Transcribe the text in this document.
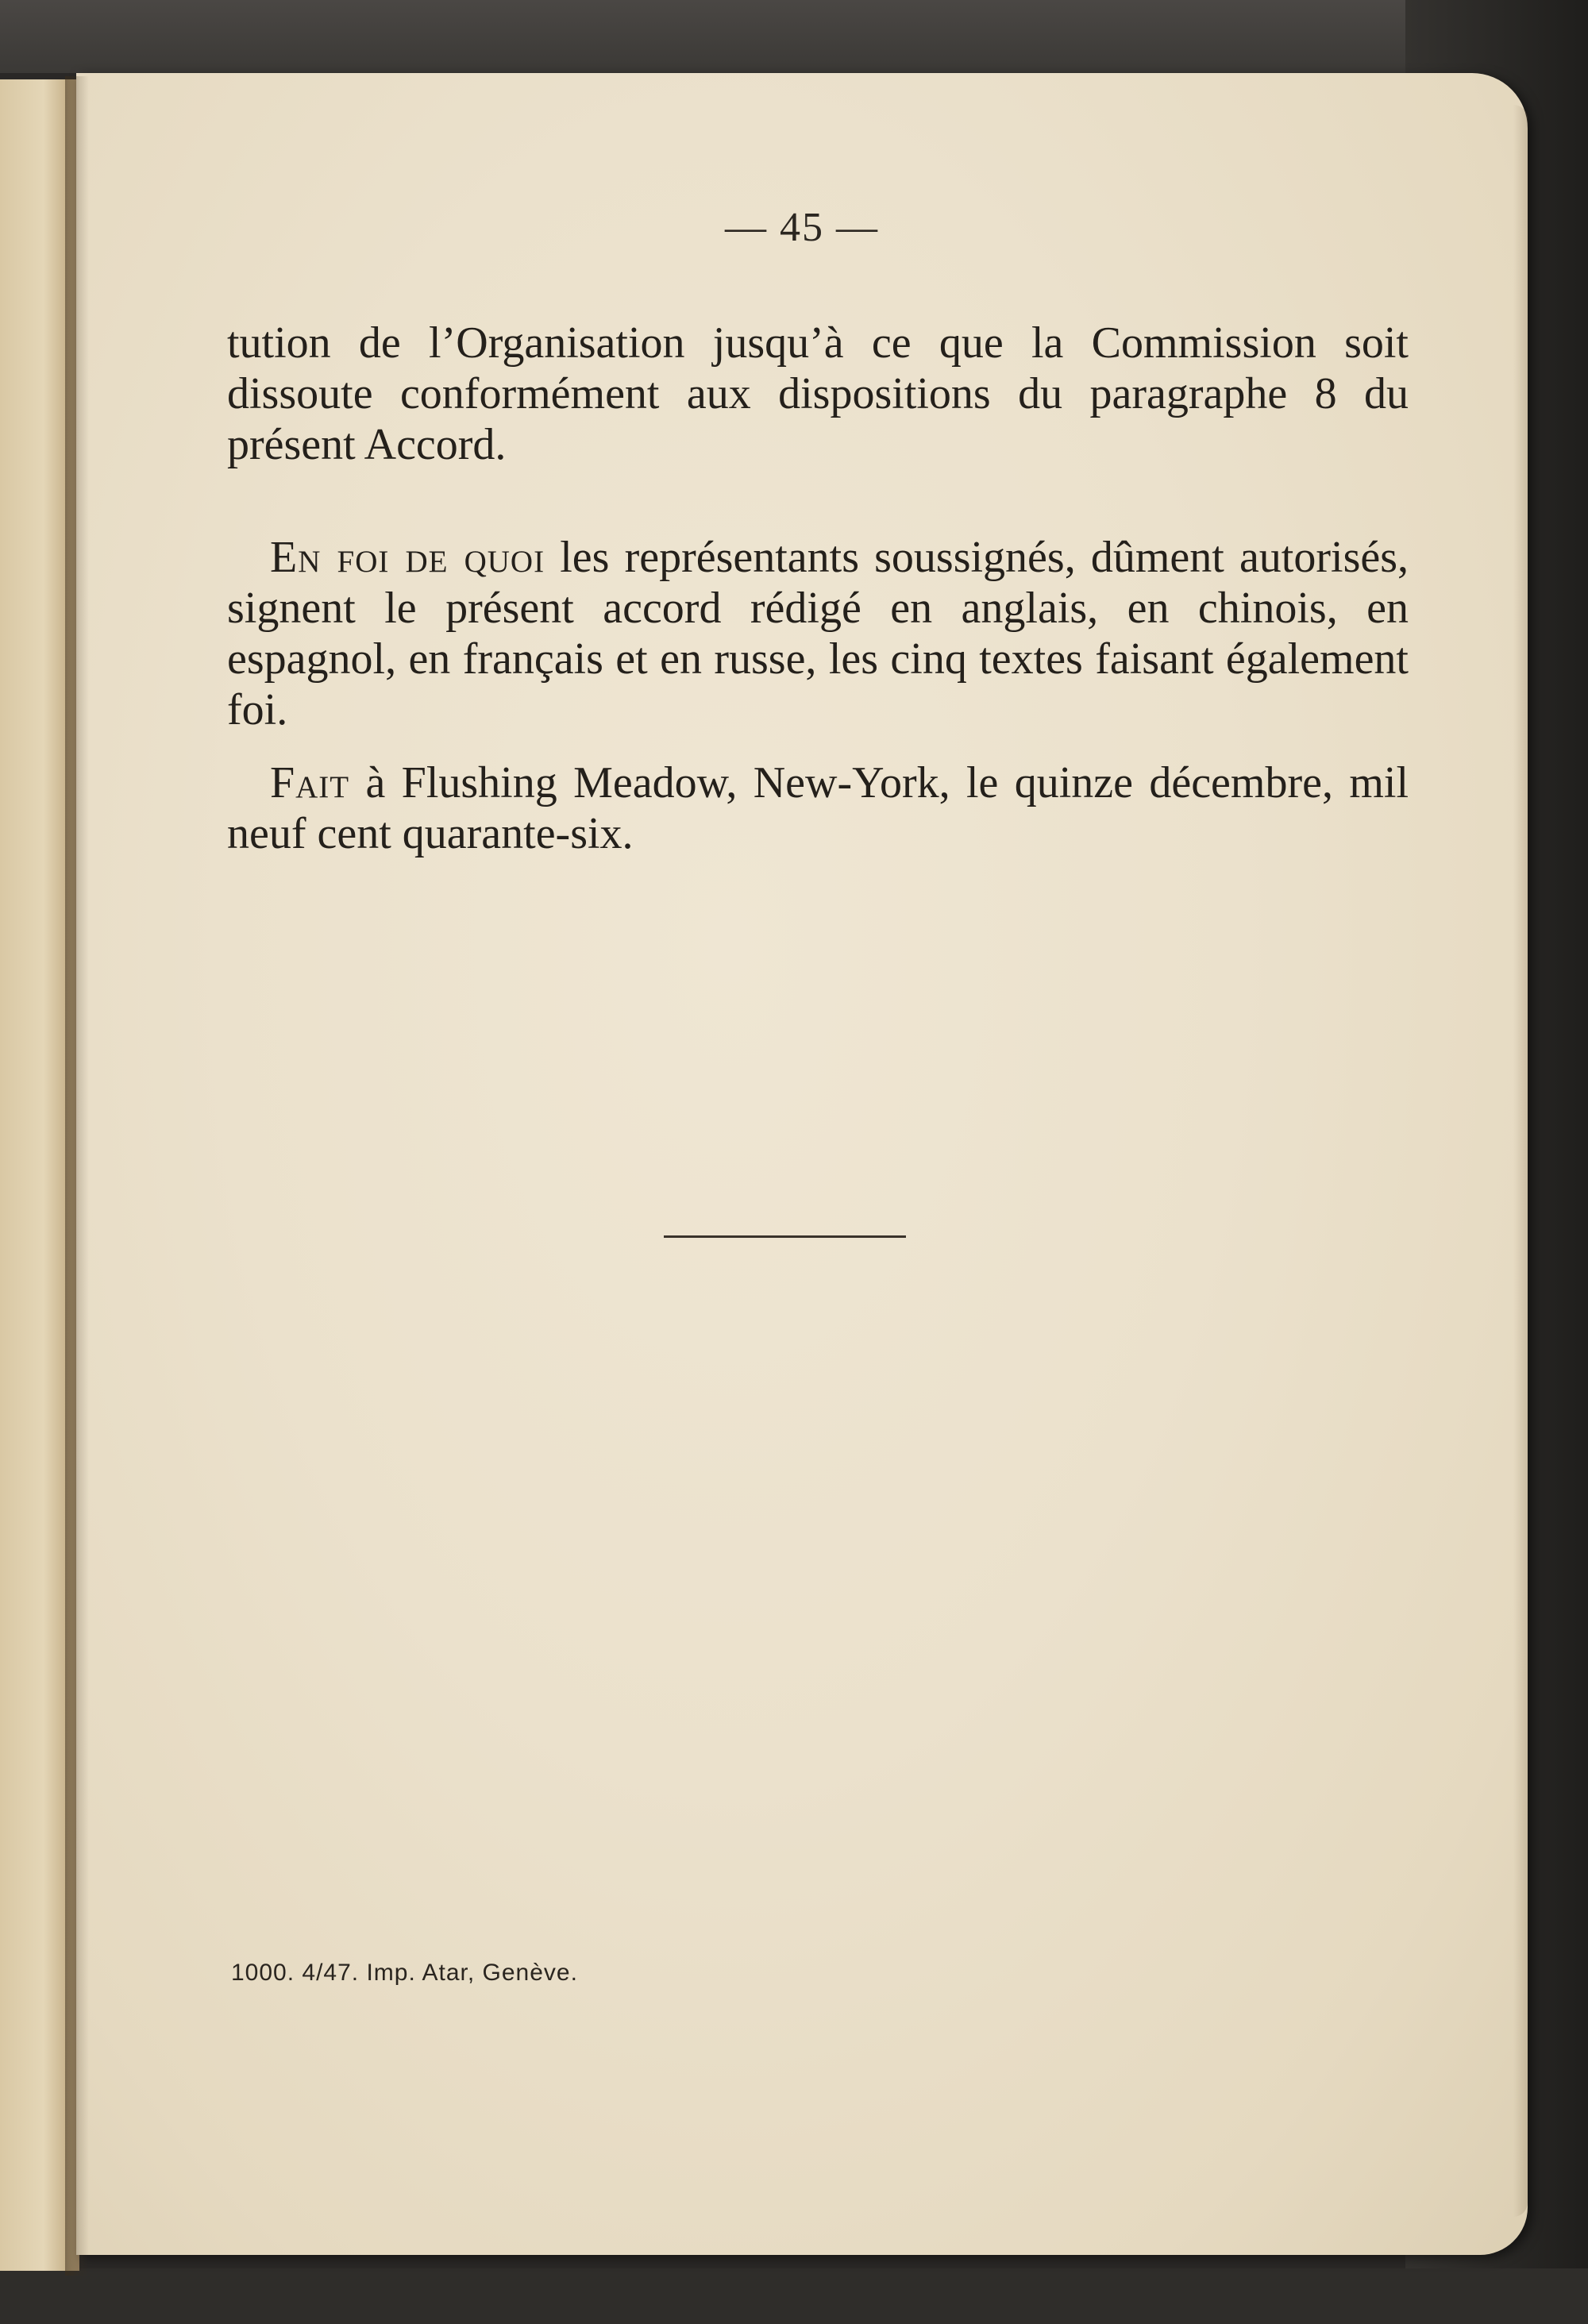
— 45 —

tution de l’Organisation jusqu’à ce que la Commission soit dissoute conformément aux dispositions du paragraphe 8 du présent Accord.

En foi de quoi les représentants soussignés, dûment autorisés, signent le présent accord rédigé en anglais, en chinois, en espagnol, en français et en russe, les cinq textes faisant également foi.

Fait à Flushing Meadow, New-York, le quinze décembre, mil neuf cent quarante-six.

1000. 4/47. Imp. Atar, Genève.
